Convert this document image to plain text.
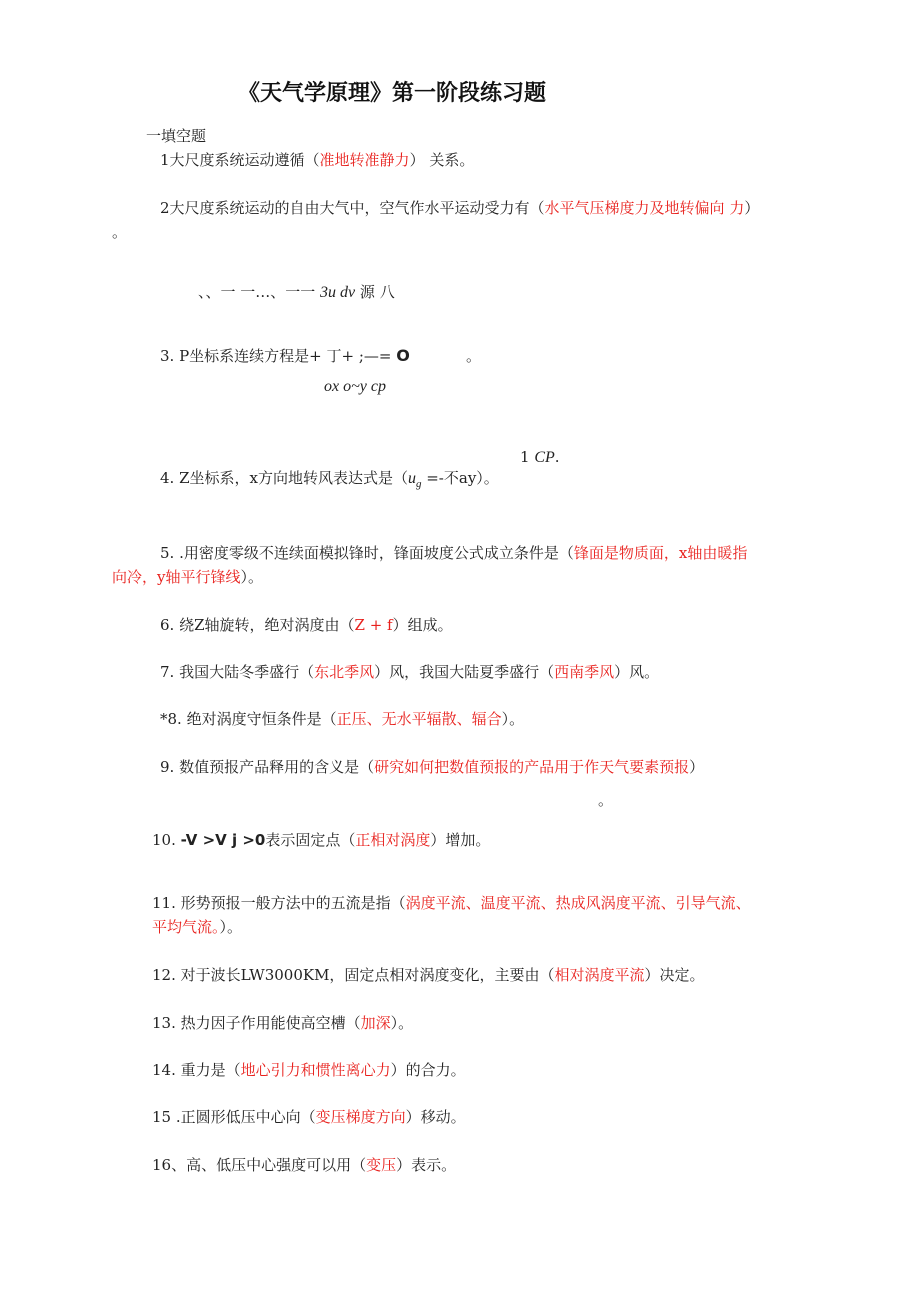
《天气学原理》第一阶段练习题
一填空题
1大尺度系统运动遵循（准地转准静力） 关系。
2大尺度系统运动的自由大气中，空气作水平运动受力有（水平气压梯度力及地转偏向 力）
。
、、一 一…、一一 3u dv 源 八
3. P坐标系连续方程是+ 丁+ ;—= O	。
ox o~y cp
1 CP.
4. Z坐标系，x方向地转风表达式是（$u_g$ =-不ay）。
5. .用密度零级不连续面模拟锋时，锋面坡度公式成立条件是（锋面是物质面，x轴由暖指
向冷，y轴平行锋线）。
6. 绕Z轴旋转，绝对涡度由（Z + f）组成。
7. 我国大陆冬季盛行（东北季风）风，我国大陆夏季盛行（西南季风）风。
*8. 绝对涡度守恒条件是（正压、无水平辐散、辐合）。
9. 数值预报产品释用的含义是（研究如何把数值预报的产品用于作天气要素预报）
。
10. -V >V j >0表示固定点（正相对涡度）增加。
11. 形势预报一般方法中的五流是指（涡度平流、温度平流、热成风涡度平流、引导气流、
平均气流。）。
12. 对于波长LW3000KM，固定点相对涡度变化，主要由（相对涡度平流）决定。
13. 热力因子作用能使高空槽（加深）。
14. 重力是（地心引力和惯性离心力）的合力。
15 .正圆形低压中心向（变压梯度方向）移动。
16、高、低压中心强度可以用（变压）表示。
